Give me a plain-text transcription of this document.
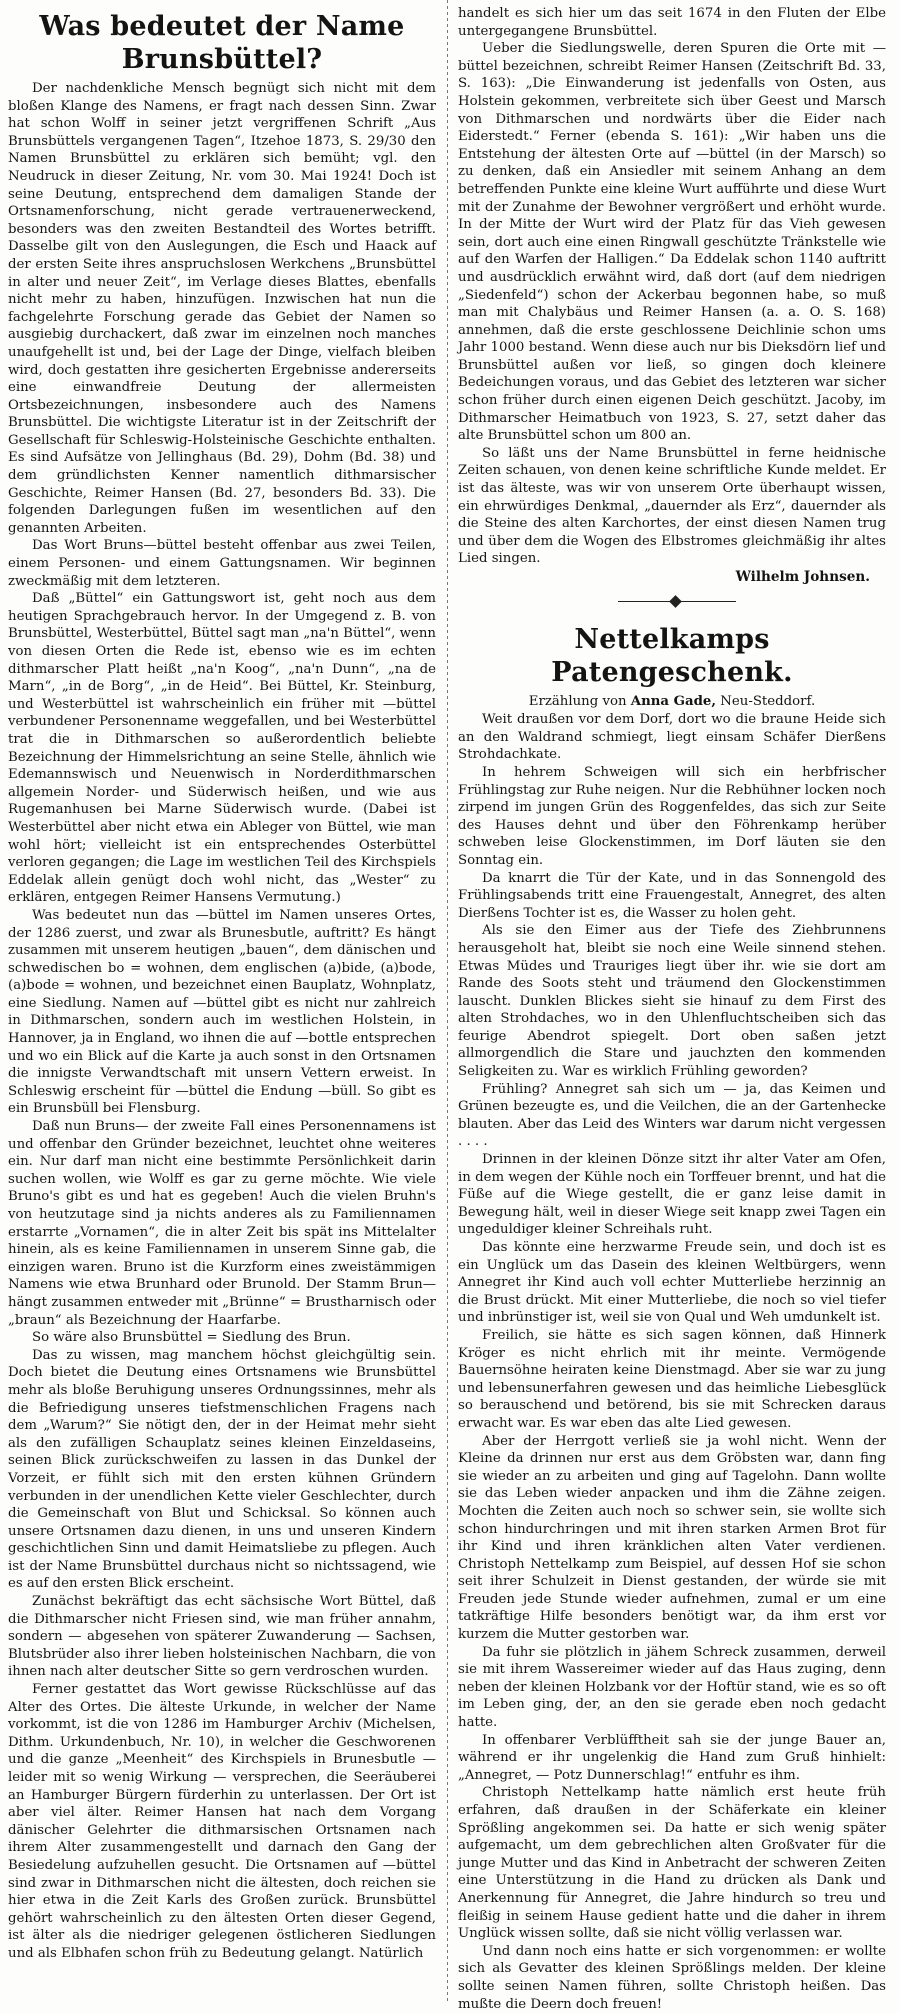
Was bedeutet der Name Brunsbüttel?

Der nachdenkliche Mensch begnügt sich nicht mit dem bloßen Klange des Namens, er fragt nach dessen Sinn. Zwar hat schon Wolff in seiner jetzt vergriffenen Schrift „Aus Brunsbüttels vergangenen Tagen“, Itzehoe 1873, S. 29/30 den Namen Brunsbüttel zu erklären sich bemüht; vgl. den Neudruck in dieser Zeitung, Nr. vom 30. Mai 1924! Doch ist seine Deutung, entsprechend dem damaligen Stande der Ortsnamenforschung, nicht gerade vertrauenerweckend, besonders was den zweiten Bestandteil des Wortes betrifft. Dasselbe gilt von den Auslegungen, die Esch und Haack auf der ersten Seite ihres anspruchslosen Werkchens „Brunsbüttel in alter und neuer Zeit“, im Verlage dieses Blattes, ebenfalls nicht mehr zu haben, hinzufügen. Inzwischen hat nun die fachgelehrte Forschung gerade das Gebiet der Namen so ausgiebig durchackert, daß zwar im einzelnen noch manches unaufgehellt ist und, bei der Lage der Dinge, vielfach bleiben wird, doch gestatten ihre gesicherten Ergebnisse andererseits eine einwandfreie Deutung der allermeisten Ortsbezeichnungen, insbesondere auch des Namens Brunsbüttel. Die wichtigste Literatur ist in der Zeitschrift der Gesellschaft für Schleswig-Holsteinische Geschichte enthalten. Es sind Aufsätze von Jellinghaus (Bd. 29), Dohm (Bd. 38) und dem gründlichsten Kenner namentlich dithmarsischer Geschichte, Reimer Hansen (Bd. 27, besonders Bd. 33). Die folgenden Darlegungen fußen im wesentlichen auf den genannten Arbeiten.

Das Wort Bruns—büttel besteht offenbar aus zwei Teilen, einem Personen- und einem Gattungsnamen. Wir beginnen zweckmäßig mit dem letzteren.

Daß „Büttel“ ein Gattungswort ist, geht noch aus dem heutigen Sprachgebrauch hervor. In der Umgegend z. B. von Brunsbüttel, Westerbüttel, Büttel sagt man „na'n Büttel“, wenn von diesen Orten die Rede ist, ebenso wie es im echten dithmarscher Platt heißt „na'n Koog“, „na'n Dunn“, „na de Marn“, „in de Borg“, „in de Heid“. Bei Büttel, Kr. Steinburg, und Westerbüttel ist wahrscheinlich ein früher mit —büttel verbundener Personenname weggefallen, und bei Westerbüttel trat die in Dithmarschen so außerordentlich beliebte Bezeichnung der Himmelsrichtung an seine Stelle, ähnlich wie Edemannswisch und Neuenwisch in Norderdithmarschen allgemein Norder- und Süderwisch heißen, und wie aus Rugemanhusen bei Marne Süderwisch wurde. (Dabei ist Westerbüttel aber nicht etwa ein Ableger von Büttel, wie man wohl hört; vielleicht ist ein entsprechendes Osterbüttel verloren gegangen; die Lage im westlichen Teil des Kirchspiels Eddelak allein genügt doch wohl nicht, das „Wester“ zu erklären, entgegen Reimer Hansens Vermutung.)

Was bedeutet nun das —büttel im Namen unseres Ortes, der 1286 zuerst, und zwar als Brunesbutle, auftritt? Es hängt zusammen mit unserem heutigen „bauen“, dem dänischen und schwedischen bo = wohnen, dem englischen (a)bide, (a)bode, (a)bode = wohnen, und bezeichnet einen Bauplatz, Wohnplatz, eine Siedlung. Namen auf —büttel gibt es nicht nur zahlreich in Dithmarschen, sondern auch im westlichen Holstein, in Hannover, ja in England, wo ihnen die auf —bottle entsprechen und wo ein Blick auf die Karte ja auch sonst in den Ortsnamen die innigste Verwandtschaft mit unsern Vettern erweist. In Schleswig erscheint für —büttel die Endung —büll. So gibt es ein Brunsbüll bei Flensburg.

Daß nun Bruns— der zweite Fall eines Personennamens ist und offenbar den Gründer bezeichnet, leuchtet ohne weiteres ein. Nur darf man nicht eine bestimmte Persönlichkeit darin suchen wollen, wie Wolff es gar zu gerne möchte. Wie viele Bruno's gibt es und hat es gegeben! Auch die vielen Bruhn's von heutzutage sind ja nichts anderes als zu Familiennamen erstarrte „Vornamen“, die in alter Zeit bis spät ins Mittelalter hinein, als es keine Familiennamen in unserem Sinne gab, die einzigen waren. Bruno ist die Kurzform eines zweistämmigen Namens wie etwa Brunhard oder Brunold. Der Stamm Brun— hängt zusammen entweder mit „Brünne“ = Brustharnisch oder „braun“ als Bezeichnung der Haarfarbe.

So wäre also Brunsbüttel = Siedlung des Brun.

Das zu wissen, mag manchem höchst gleichgültig sein. Doch bietet die Deutung eines Ortsnamens wie Brunsbüttel mehr als bloße Beruhigung unseres Ordnungssinnes, mehr als die Befriedigung unseres tiefstmenschlichen Fragens nach dem „Warum?“ Sie nötigt den, der in der Heimat mehr sieht als den zufälligen Schauplatz seines kleinen Einzeldaseins, seinen Blick zurückschweifen zu lassen in das Dunkel der Vorzeit, er fühlt sich mit den ersten kühnen Gründern verbunden in der unendlichen Kette vieler Geschlechter, durch die Gemeinschaft von Blut und Schicksal. So können auch unsere Ortsnamen dazu dienen, in uns und unseren Kindern geschichtlichen Sinn und damit Heimatsliebe zu pflegen. Auch ist der Name Brunsbüttel durchaus nicht so nichtssagend, wie es auf den ersten Blick erscheint.

Zunächst bekräftigt das echt sächsische Wort Büttel, daß die Dithmarscher nicht Friesen sind, wie man früher annahm, sondern — abgesehen von späterer Zuwanderung — Sachsen, Blutsbrüder also ihrer lieben holsteinischen Nachbarn, die von ihnen nach alter deutscher Sitte so gern verdroschen wurden.

Ferner gestattet das Wort gewisse Rückschlüsse auf das Alter des Ortes. Die älteste Urkunde, in welcher der Name vorkommt, ist die von 1286 im Hamburger Archiv (Michelsen, Dithm. Urkundenbuch, Nr. 10), in welcher die Geschworenen und die ganze „Meenheit“ des Kirchspiels in Brunesbutle — leider mit so wenig Wirkung — versprechen, die Seeräuberei an Hamburger Bürgern fürderhin zu unterlassen. Der Ort ist aber viel älter. Reimer Hansen hat nach dem Vorgang dänischer Gelehrter die dithmarsischen Ortsnamen nach ihrem Alter zusammengestellt und darnach den Gang der Besiedelung aufzuhellen gesucht. Die Ortsnamen auf —büttel sind zwar in Dithmarschen nicht die ältesten, doch reichen sie hier etwa in die Zeit Karls des Großen zurück. Brunsbüttel gehört wahrscheinlich zu den ältesten Orten dieser Gegend, ist älter als die niedriger gelegenen östlicheren Siedlungen und als Elbhafen schon früh zu Bedeutung gelangt. Natürlich

handelt es sich hier um das seit 1674 in den Fluten der Elbe untergegangene Brunsbüttel.

Ueber die Siedlungswelle, deren Spuren die Orte mit —büttel bezeichnen, schreibt Reimer Hansen (Zeitschrift Bd. 33, S. 163): „Die Einwanderung ist jedenfalls von Osten, aus Holstein gekommen, verbreitete sich über Geest und Marsch von Dithmarschen und nordwärts über die Eider nach Eiderstedt.“ Ferner (ebenda S. 161): „Wir haben uns die Entstehung der ältesten Orte auf —büttel (in der Marsch) so zu denken, daß ein Ansiedler mit seinem Anhang an dem betreffenden Punkte eine kleine Wurt aufführte und diese Wurt mit der Zunahme der Bewohner vergrößert und erhöht wurde. In der Mitte der Wurt wird der Platz für das Vieh gewesen sein, dort auch eine einen Ringwall geschützte Tränkstelle wie auf den Warfen der Halligen.“ Da Eddelak schon 1140 auftritt und ausdrücklich erwähnt wird, daß dort (auf dem niedrigen „Siedenfeld“) schon der Ackerbau begonnen habe, so muß man mit Chalybäus und Reimer Hansen (a. a. O. S. 168) annehmen, daß die erste geschlossene Deichlinie schon ums Jahr 1000 bestand. Wenn diese auch nur bis Dieksdörn lief und Brunsbüttel außen vor ließ, so gingen doch kleinere Bedeichungen voraus, und das Gebiet des letzteren war sicher schon früher durch einen eigenen Deich geschützt. Jacoby, im Dithmarscher Heimatbuch von 1923, S. 27, setzt daher das alte Brunsbüttel schon um 800 an.

So läßt uns der Name Brunsbüttel in ferne heidnische Zeiten schauen, von denen keine schriftliche Kunde meldet. Er ist das älteste, was wir von unserem Orte überhaupt wissen, ein ehrwürdiges Denkmal, „dauernder als Erz“, dauernder als die Steine des alten Karchortes, der einst diesen Namen trug und über dem die Wogen des Elbstromes gleichmäßig ihr altes Lied singen.

Wilhelm Johnsen.
Nettelkamps Patengeschenk.
Erzählung von Anna Gade, Neu-Steddorf.

Weit draußen vor dem Dorf, dort wo die braune Heide sich an den Waldrand schmiegt, liegt einsam Schäfer Dierßens Strohdachkate.

In hehrem Schweigen will sich ein herbfrischer Frühlingstag zur Ruhe neigen. Nur die Rebhühner locken noch zirpend im jungen Grün des Roggenfeldes, das sich zur Seite des Hauses dehnt und über den Föhrenkamp herüber schweben leise Glockenstimmen, im Dorf läuten sie den Sonntag ein.

Da knarrt die Tür der Kate, und in das Sonnengold des Frühlingsabends tritt eine Frauengestalt, Annegret, des alten Dierßens Tochter ist es, die Wasser zu holen geht.

Als sie den Eimer aus der Tiefe des Ziehbrunnens herausgeholt hat, bleibt sie noch eine Weile sinnend stehen. Etwas Müdes und Trauriges liegt über ihr. wie sie dort am Rande des Soots steht und träumend den Glockenstimmen lauscht. Dunklen Blickes sieht sie hinauf zu dem First des alten Strohdaches, wo in den Uhlenfluchtscheiben sich das feurige Abendrot spiegelt. Dort oben saßen jetzt allmorgendlich die Stare und jauchzten den kommenden Seligkeiten zu. War es wirklich Frühling geworden?

Frühling? Annegret sah sich um — ja, das Keimen und Grünen bezeugte es, und die Veilchen, die an der Gartenhecke blauten. Aber das Leid des Winters war darum nicht vergessen . . . .

Drinnen in der kleinen Dönze sitzt ihr alter Vater am Ofen, in dem wegen der Kühle noch ein Torffeuer brennt, und hat die Füße auf die Wiege gestellt, die er ganz leise damit in Bewegung hält, weil in dieser Wiege seit knapp zwei Tagen ein ungeduldiger kleiner Schreihals ruht.

Das könnte eine herzwarme Freude sein, und doch ist es ein Unglück um das Dasein des kleinen Weltbürgers, wenn Annegret ihr Kind auch voll echter Mutterliebe herzinnig an die Brust drückt. Mit einer Mutterliebe, die noch so viel tiefer und inbrünstiger ist, weil sie von Qual und Weh umdunkelt ist.

Freilich, sie hätte es sich sagen können, daß Hinnerk Kröger es nicht ehrlich mit ihr meinte. Vermögende Bauernsöhne heiraten keine Dienstmagd. Aber sie war zu jung und lebensunerfahren gewesen und das heimliche Liebesglück so berauschend und betörend, bis sie mit Schrecken daraus erwacht war. Es war eben das alte Lied gewesen.

Aber der Herrgott verließ sie ja wohl nicht. Wenn der Kleine da drinnen nur erst aus dem Gröbsten war, dann fing sie wieder an zu arbeiten und ging auf Tagelohn. Dann wollte sie das Leben wieder anpacken und ihm die Zähne zeigen. Mochten die Zeiten auch noch so schwer sein, sie wollte sich schon hindurchringen und mit ihren starken Armen Brot für ihr Kind und ihren kränklichen alten Vater verdienen. Christoph Nettelkamp zum Beispiel, auf dessen Hof sie schon seit ihrer Schulzeit in Dienst gestanden, der würde sie mit Freuden jede Stunde wieder aufnehmen, zumal er um eine tatkräftige Hilfe besonders benötigt war, da ihm erst vor kurzem die Mutter gestorben war.

Da fuhr sie plötzlich in jähem Schreck zusammen, derweil sie mit ihrem Wassereimer wieder auf das Haus zuging, denn neben der kleinen Holzbank vor der Hoftür stand, wie es so oft im Leben ging, der, an den sie gerade eben noch gedacht hatte.

In offenbarer Verblüfftheit sah sie der junge Bauer an, während er ihr ungelenkig die Hand zum Gruß hinhielt: „Annegret, — Potz Dunnerschlag!“ entfuhr es ihm.

Christoph Nettelkamp hatte nämlich erst heute früh erfahren, daß draußen in der Schäferkate ein kleiner Sprößling angekommen sei. Da hatte er sich wenig später aufgemacht, um dem gebrechlichen alten Großvater für die junge Mutter und das Kind in Anbetracht der schweren Zeiten eine Unterstützung in die Hand zu drücken als Dank und Anerkennung für Annegret, die Jahre hindurch so treu und fleißig in seinem Hause gedient hatte und die daher in ihrem Unglück wissen sollte, daß sie nicht völlig verlassen war.

Und dann noch eins hatte er sich vorgenommen: er wollte sich als Gevatter des kleinen Sprößlings melden. Der kleine sollte seinen Namen führen, sollte Christoph heißen. Das mußte die Deern doch freuen!
